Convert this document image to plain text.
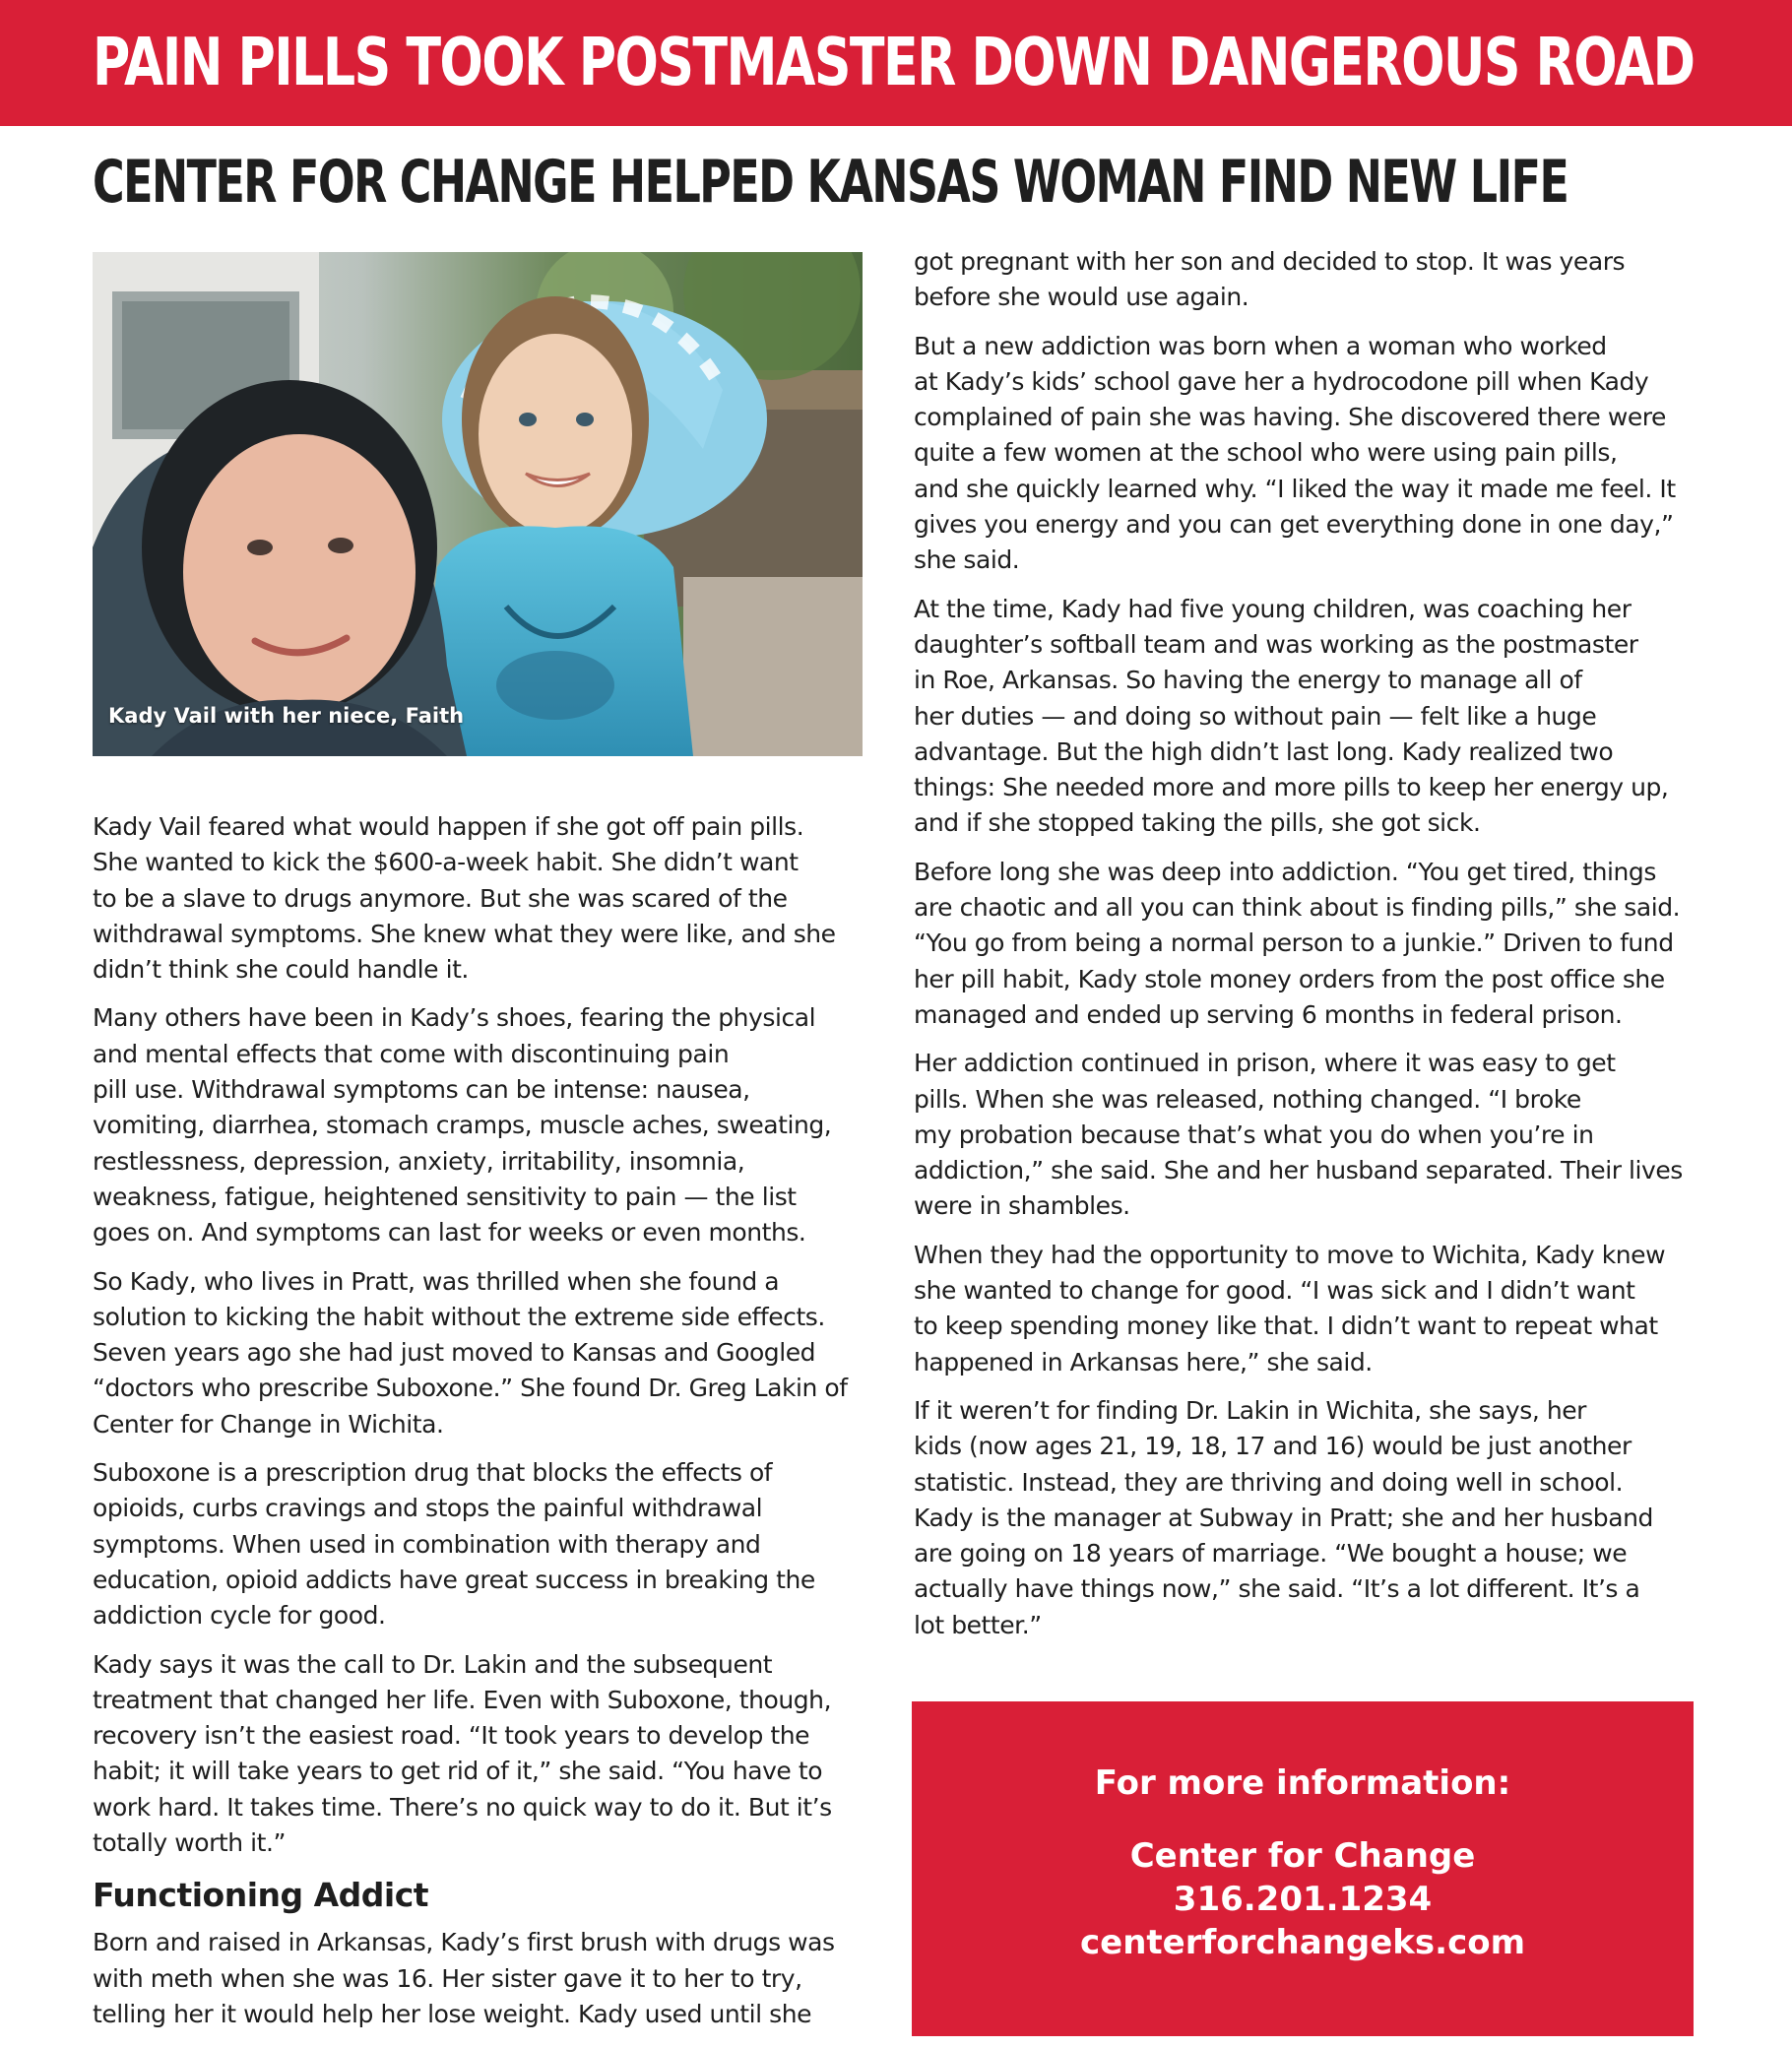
PAIN PILLS TOOK POSTMASTER DOWN DANGEROUS ROAD
CENTER FOR CHANGE HELPED KANSAS WOMAN FIND NEW LIFE
Kady Vail with her niece, Faith

Kady Vail feared what would happen if she got off pain pills.
She wanted to kick the $600-a-week habit. She didn’t want
to be a slave to drugs anymore. But she was scared of the
withdrawal symptoms. She knew what they were like, and she
didn’t think she could handle it.

Many others have been in Kady’s shoes, fearing the physical
and mental effects that come with discontinuing pain
pill use. Withdrawal symptoms can be intense: nausea,
vomiting, diarrhea, stomach cramps, muscle aches, sweating,
restlessness, depression, anxiety, irritability, insomnia,
weakness, fatigue, heightened sensitivity to pain — the list
goes on. And symptoms can last for weeks or even months.

So Kady, who lives in Pratt, was thrilled when she found a
solution to kicking the habit without the extreme side effects.
Seven years ago she had just moved to Kansas and Googled
“doctors who prescribe Suboxone.” She found Dr. Greg Lakin of
Center for Change in Wichita.

Suboxone is a prescription drug that blocks the effects of
opioids, curbs cravings and stops the painful withdrawal
symptoms. When used in combination with therapy and
education, opioid addicts have great success in breaking the
addiction cycle for good.

Kady says it was the call to Dr. Lakin and the subsequent
treatment that changed her life. Even with Suboxone, though,
recovery isn’t the easiest road. “It took years to develop the
habit; it will take years to get rid of it,” she said. “You have to
work hard. It takes time. There’s no quick way to do it. But it’s
totally worth it.”

Functioning Addict

Born and raised in Arkansas, Kady’s first brush with drugs was
with meth when she was 16. Her sister gave it to her to try,
telling her it would help her lose weight. Kady used until she

got pregnant with her son and decided to stop. It was years
before she would use again.

But a new addiction was born when a woman who worked
at Kady’s kids’ school gave her a hydrocodone pill when Kady
complained of pain she was having. She discovered there were
quite a few women at the school who were using pain pills,
and she quickly learned why. “I liked the way it made me feel. It
gives you energy and you can get everything done in one day,”
she said.

At the time, Kady had five young children, was coaching her
daughter’s softball team and was working as the postmaster
in Roe, Arkansas. So having the energy to manage all of
her duties — and doing so without pain — felt like a huge
advantage. But the high didn’t last long. Kady realized two
things: She needed more and more pills to keep her energy up,
and if she stopped taking the pills, she got sick.

Before long she was deep into addiction. “You get tired, things
are chaotic and all you can think about is finding pills,” she said.
“You go from being a normal person to a junkie.” Driven to fund
her pill habit, Kady stole money orders from the post office she
managed and ended up serving 6 months in federal prison.

Her addiction continued in prison, where it was easy to get
pills. When she was released, nothing changed. “I broke
my probation because that’s what you do when you’re in
addiction,” she said. She and her husband separated. Their lives
were in shambles.

When they had the opportunity to move to Wichita, Kady knew
she wanted to change for good. “I was sick and I didn’t want
to keep spending money like that. I didn’t want to repeat what
happened in Arkansas here,” she said.

If it weren’t for finding Dr. Lakin in Wichita, she says, her
kids (now ages 21, 19, 18, 17 and 16) would be just another
statistic. Instead, they are thriving and doing well in school.
Kady is the manager at Subway in Pratt; she and her husband
are going on 18 years of marriage. “We bought a house; we
actually have things now,” she said. “It’s a lot different. It’s a
lot better.”

For more information:
Center for Change
316.201.1234
centerforchangeks.com
